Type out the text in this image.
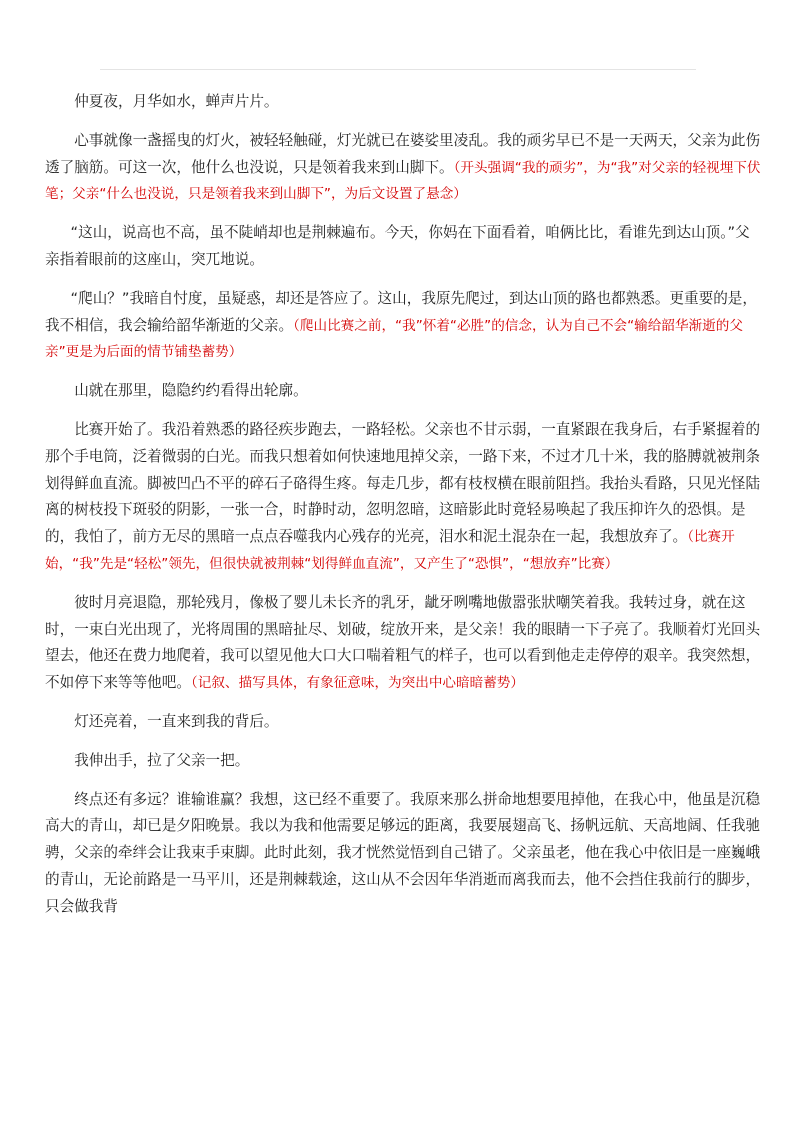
仲夏夜，月华如水，蝉声片片。

心事就像一盏摇曳的灯火，被轻轻触碰，灯光就已在婆娑里凌乱。我的顽劣早已不是一天两天，父亲为此伤透了脑筋。可这一次，他什么也没说，只是领着我来到山脚下。（开头强调“我的顽劣”，为“我”对父亲的轻视埋下伏笔；父亲“什么也没说，只是领着我来到山脚下”，为后文设置了悬念）

“这山，说高也不高，虽不陡峭却也是荆棘遍布。今天，你妈在下面看着，咱俩比比，看谁先到达山顶。”父亲指着眼前的这座山，突兀地说。

“爬山？”我暗自忖度，虽疑惑，却还是答应了。这山，我原先爬过，到达山顶的路也都熟悉。更重要的是，我不相信，我会输给韶华渐逝的父亲。（爬山比赛之前，“我”怀着“必胜”的信念，认为自己不会“输给韶华渐逝的父亲”更是为后面的情节铺垫蓄势）

山就在那里，隐隐约约看得出轮廓。

比赛开始了。我沿着熟悉的路径疾步跑去，一路轻松。父亲也不甘示弱，一直紧跟在我身后，右手紧握着的那个手电筒，泛着微弱的白光。而我只想着如何快速地甩掉父亲，一路下来，不过才几十米，我的胳膊就被荆条划得鲜血直流。脚被凹凸不平的碎石子硌得生疼。每走几步，都有枝杈横在眼前阻挡。我抬头看路，只见光怪陆离的树枝投下斑驳的阴影，一张一合，时静时动，忽明忽暗，这暗影此时竟轻易唤起了我压抑许久的恐惧。是的，我怕了，前方无尽的黑暗一点点吞噬我内心残存的光亮，泪水和泥土混杂在一起，我想放弃了。（比赛开始，“我”先是“轻松”领先，但很快就被荆棘“划得鲜血直流”，又产生了“恐惧”，“想放弃”比赛）

彼时月亮退隐，那轮残月，像极了婴儿未长齐的乳牙，龇牙咧嘴地傲嚣张狀嘲笑着我。我转过身，就在这时，一束白光出现了，光将周围的黑暗扯尽、划破，绽放开来，是父亲！我的眼睛一下子亮了。我顺着灯光回头望去，他还在费力地爬着，我可以望见他大口大口喘着粗气的样子，也可以看到他走走停停的艰辛。我突然想，不如停下来等等他吧。（记叙、描写具体，有象征意味，为突出中心暗暗蓄势）

灯还亮着，一直来到我的背后。

我伸出手，拉了父亲一把。

终点还有多远？谁输谁赢？我想，这已经不重要了。我原来那么拼命地想要甩掉他，在我心中，他虽是沉稳高大的青山，却已是夕阳晚景。我以为我和他需要足够远的距离，我要展翅高飞、扬帆远航、天高地阔、任我驰骋，父亲的牵绊会让我束手束脚。此时此刻，我才恍然觉悟到自己错了。父亲虽老，他在我心中依旧是一座巍峨的青山，无论前路是一马平川，还是荆棘载途，这山从不会因年华消逝而离我而去，他不会挡住我前行的脚步，只会做我背
